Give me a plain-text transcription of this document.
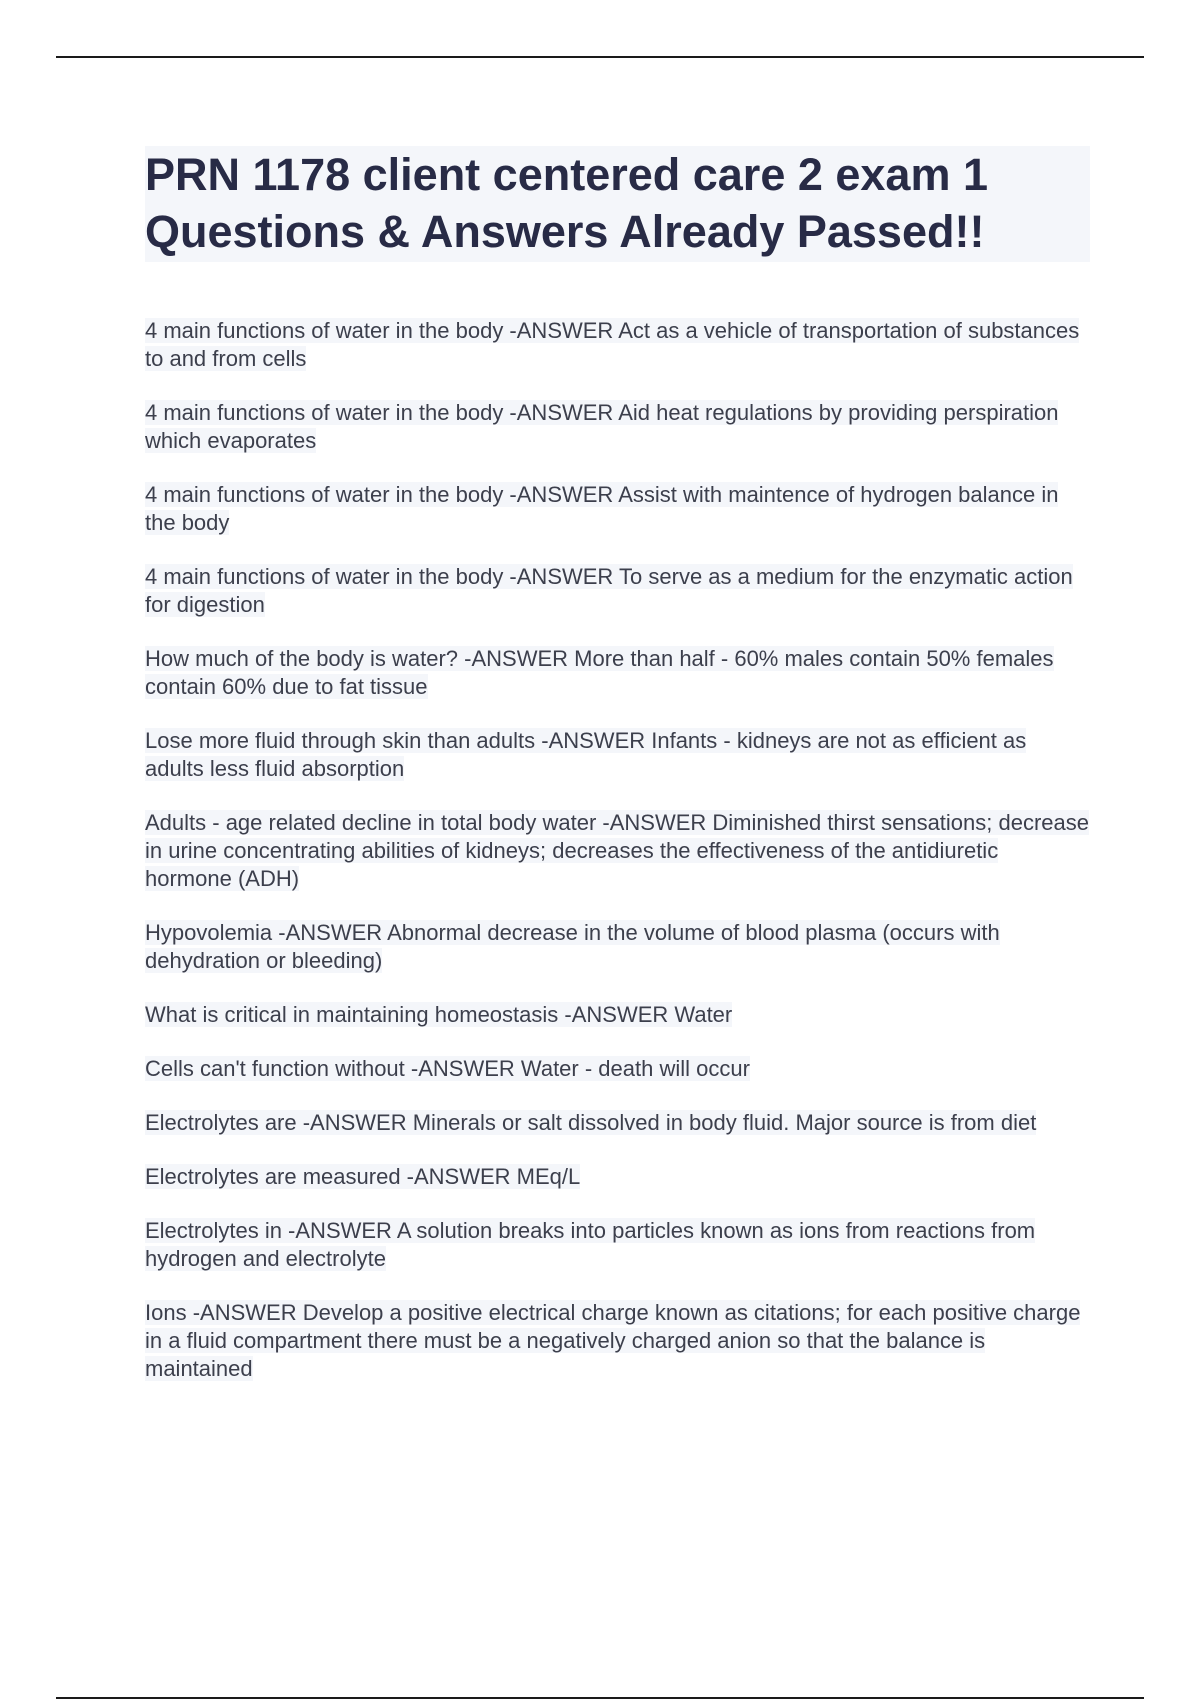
PRN 1178 client centered care 2 exam 1 Questions & Answers Already Passed!!

4 main functions of water in the body -ANSWER Act as a vehicle of transportation of substances to and from cells

4 main functions of water in the body -ANSWER Aid heat regulations by providing perspiration which evaporates

4 main functions of water in the body -ANSWER Assist with maintence of hydrogen balance in the body

4 main functions of water in the body -ANSWER To serve as a medium for the enzymatic action for digestion

How much of the body is water? -ANSWER More than half - 60% males contain 50% females contain 60% due to fat tissue

Lose more fluid through skin than adults -ANSWER Infants - kidneys are not as efficient as adults less fluid absorption

Adults - age related decline in total body water -ANSWER Diminished thirst sensations; decrease in urine concentrating abilities of kidneys; decreases the effectiveness of the antidiuretic hormone (ADH)

Hypovolemia -ANSWER Abnormal decrease in the volume of blood plasma (occurs with dehydration or bleeding)

What is critical in maintaining homeostasis -ANSWER Water

Cells can't function without -ANSWER Water - death will occur

Electrolytes are -ANSWER Minerals or salt dissolved in body fluid. Major source is from diet

Electrolytes are measured -ANSWER MEq/L

Electrolytes in -ANSWER A solution breaks into particles known as ions from reactions from hydrogen and electrolyte

Ions -ANSWER Develop a positive electrical charge known as citations; for each positive charge in a fluid compartment there must be a negatively charged anion so that the balance is maintained
